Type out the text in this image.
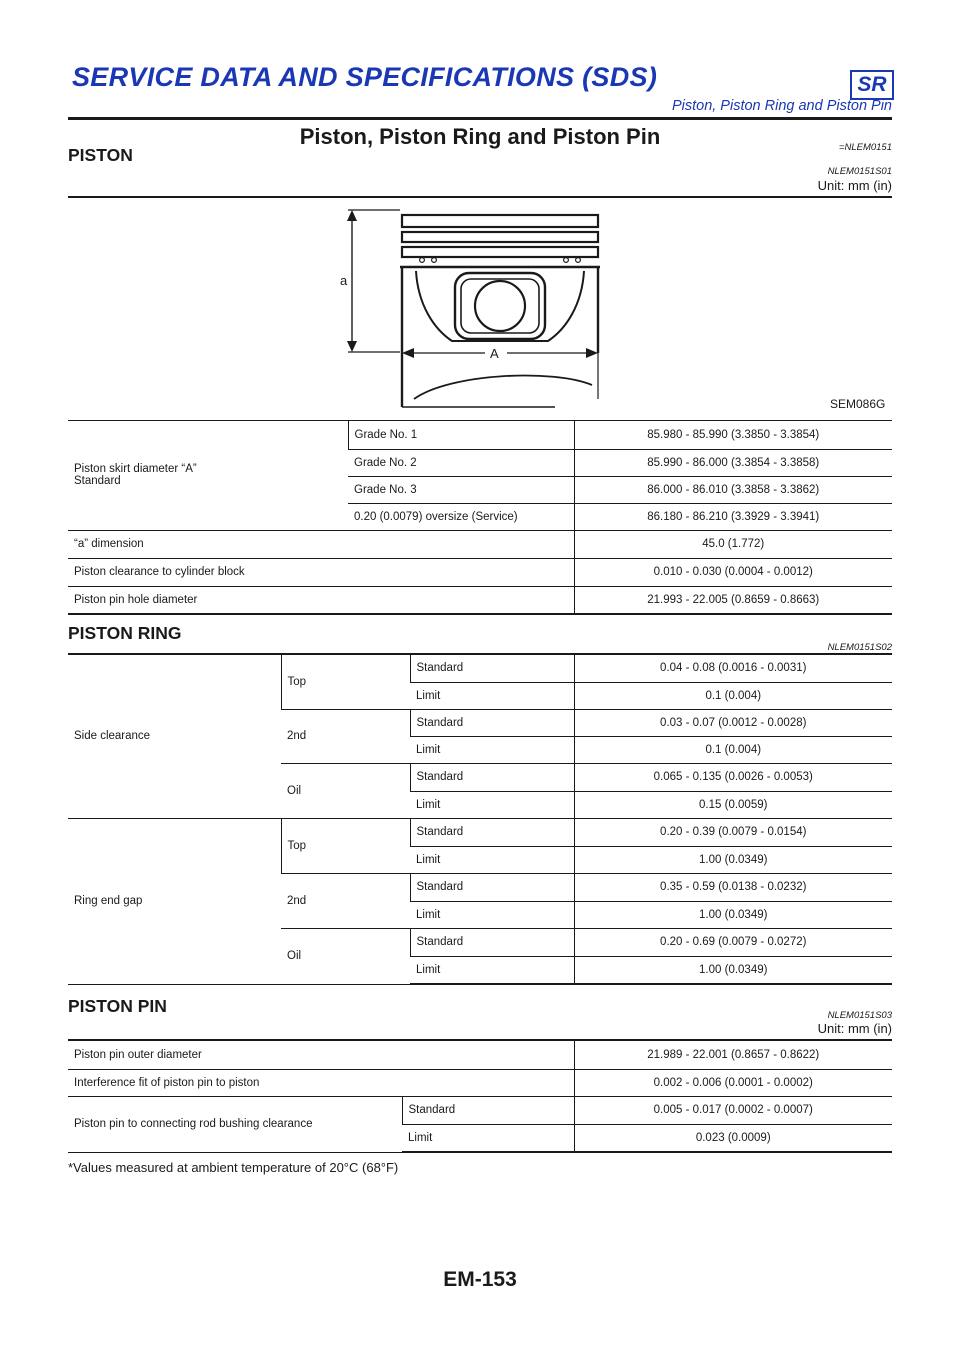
SERVICE DATA AND SPECIFICATIONS (SDS)	SR
Piston, Piston Ring and Piston Pin
Piston, Piston Ring and Piston Pin	=NLEM0151
PISTON
NLEM0151S01
Unit: mm (in)
a
A
SEM086G
Piston skirt diameter “A”
Standard	Grade No. 1	85.980 - 85.990 (3.3850 - 3.3854)
	Grade No. 2	85.990 - 86.000 (3.3854 - 3.3858)
	Grade No. 3	86.000 - 86.010 (3.3858 - 3.3862)
	0.20 (0.0079) oversize (Service)	86.180 - 86.210 (3.3929 - 3.3941)
“a” dimension		45.0 (1.772)
Piston clearance to cylinder block		0.010 - 0.030 (0.0004 - 0.0012)
Piston pin hole diameter		21.993 - 22.005 (0.8659 - 0.8663)
PISTON RING
NLEM0151S02
Side clearance	Top	Standard	0.04 - 0.08 (0.0016 - 0.0031)
		Limit	0.1 (0.004)
	2nd	Standard	0.03 - 0.07 (0.0012 - 0.0028)
		Limit	0.1 (0.004)
	Oil	Standard	0.065 - 0.135 (0.0026 - 0.0053)
		Limit	0.15 (0.0059)
Ring end gap	Top	Standard	0.20 - 0.39 (0.0079 - 0.0154)
		Limit	1.00 (0.0349)
	2nd	Standard	0.35 - 0.59 (0.0138 - 0.0232)
		Limit	1.00 (0.0349)
	Oil	Standard	0.20 - 0.69 (0.0079 - 0.0272)
		Limit	1.00 (0.0349)
PISTON PIN	NLEM0151S03
Unit: mm (in)
Piston pin outer diameter		21.989 - 22.001 (0.8657 - 0.8622)
Interference fit of piston pin to piston		0.002 - 0.006 (0.0001 - 0.0002)
Piston pin to connecting rod bushing clearance	Standard	0.005 - 0.017 (0.0002 - 0.0007)
	Limit	0.023 (0.0009)
*Values measured at ambient temperature of 20°C (68°F)
EM-153
